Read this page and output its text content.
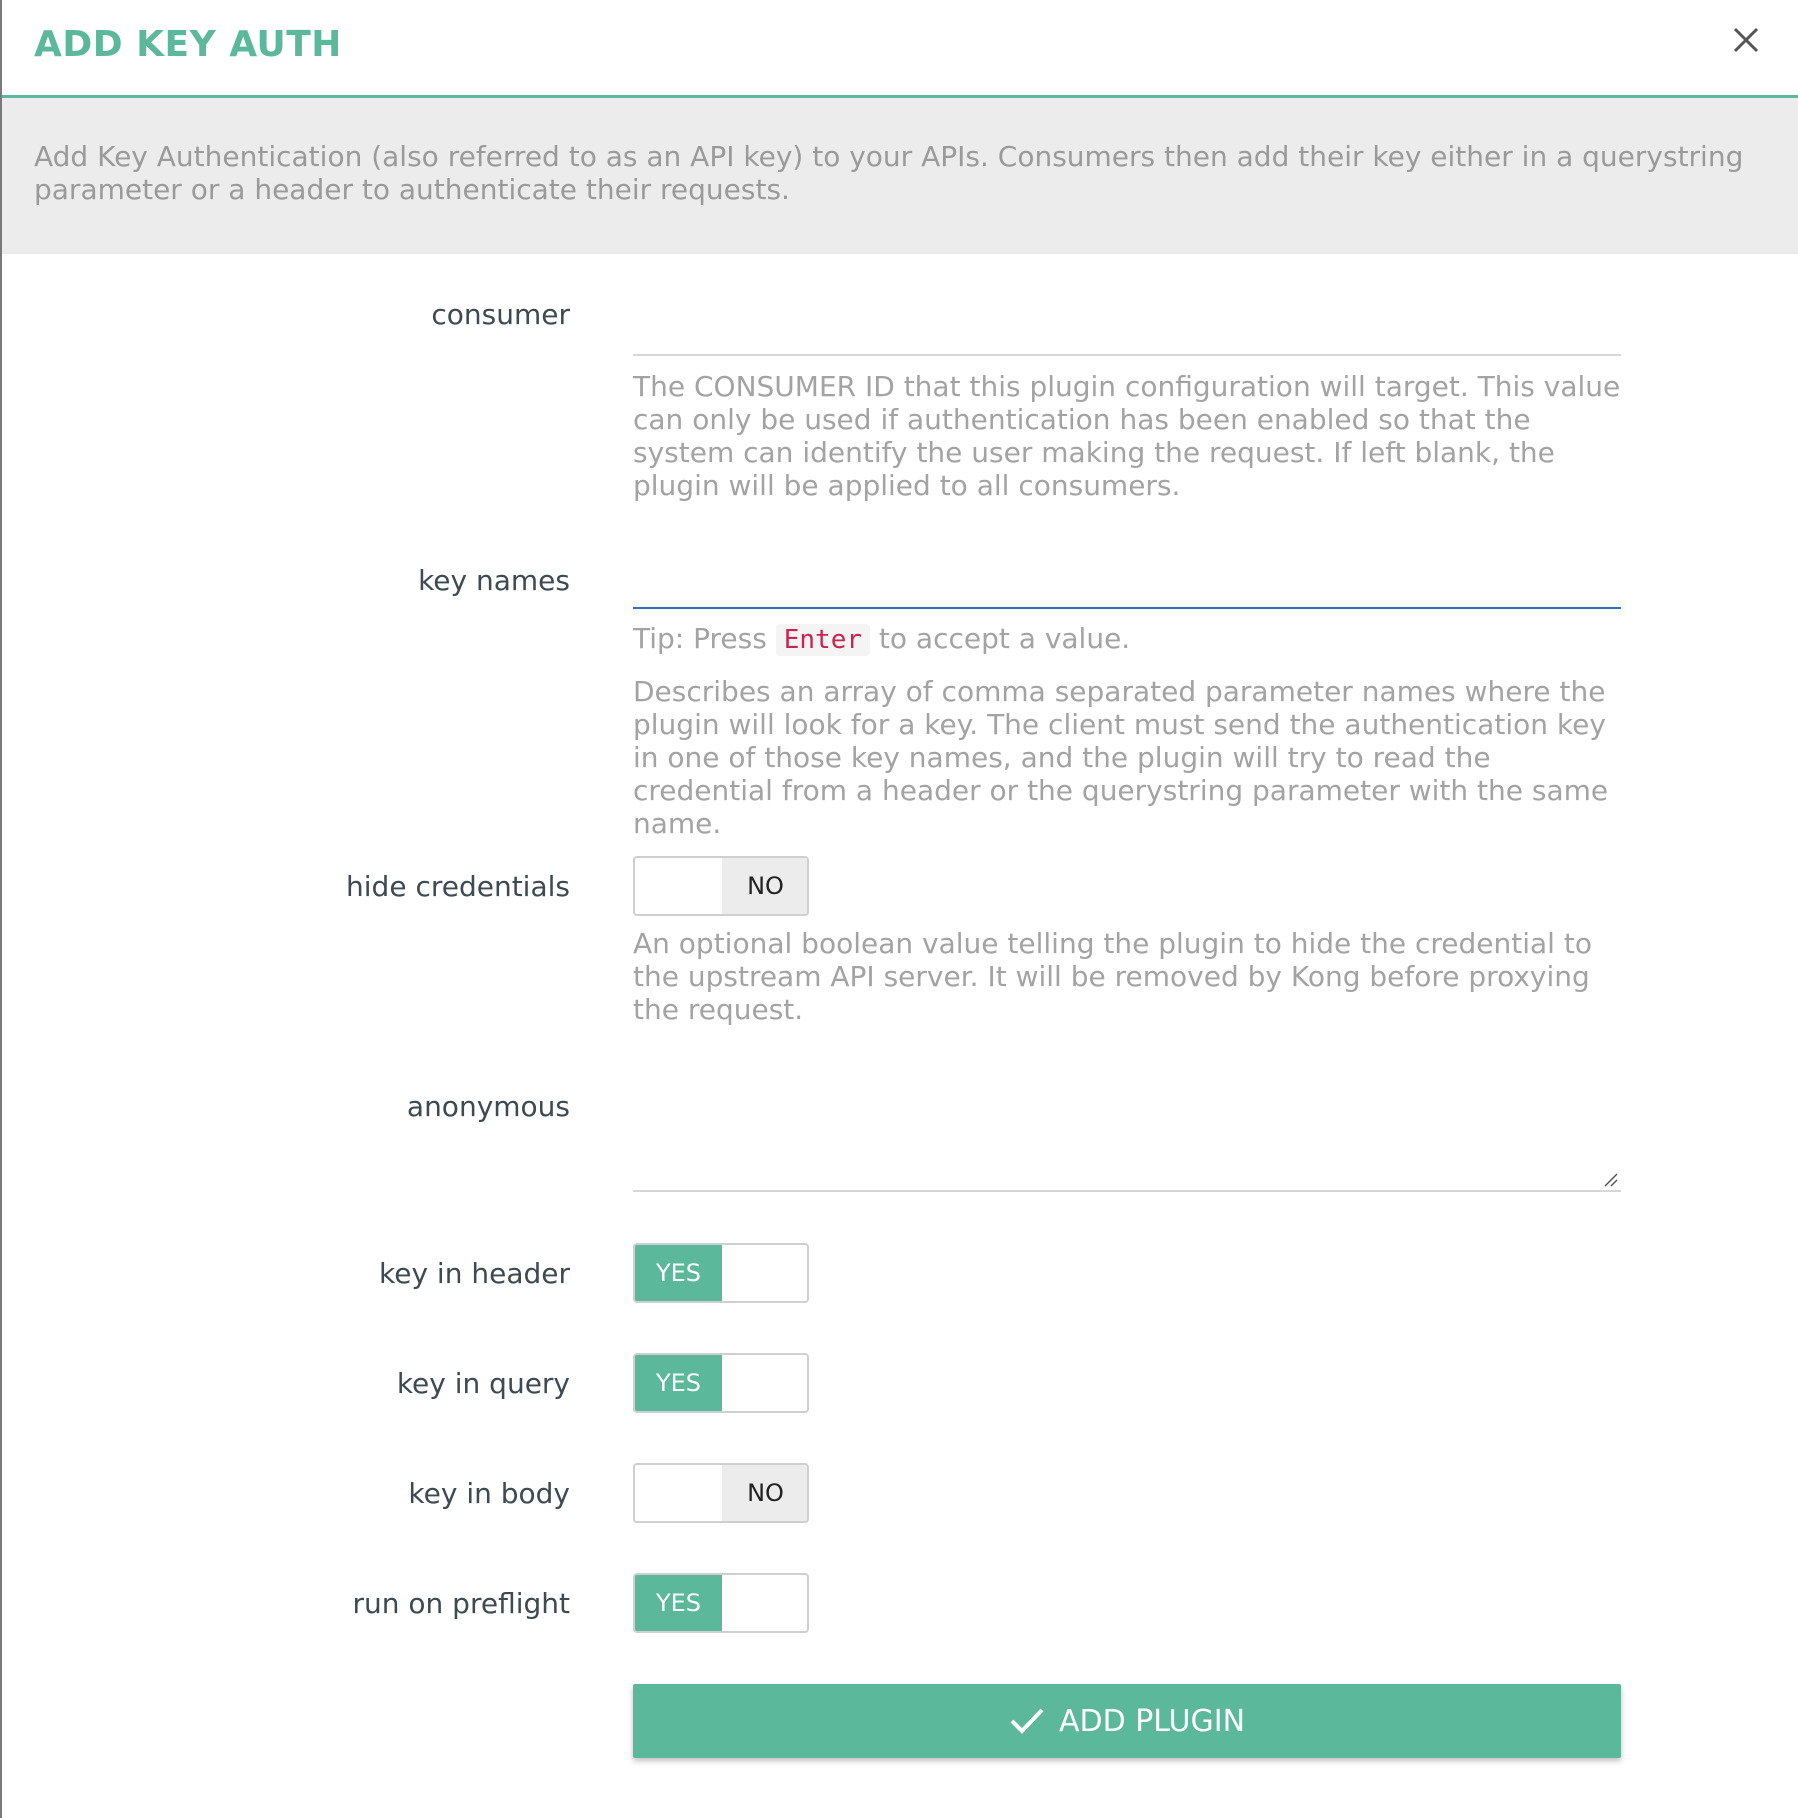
ADD KEY AUTH
Add Key Authentication (also referred to as an API key) to your APIs. Consumers then add their key either in a querystring parameter or a header to authenticate their requests.
consumer
The CONSUMER ID that this plugin configuration will target. This value can only be used if authentication has been enabled so that the system can identify the user making the request. If left blank, the plugin will be applied to all consumers.
key names
Tip: Press Enter to accept a value.
Describes an array of comma separated parameter names where the plugin will look for a key. The client must send the authentication key in one of those key names, and the plugin will try to read the credential from a header or the querystring parameter with the same name.
hide credentials	NO
An optional boolean value telling the plugin to hide the credential to the upstream API server. It will be removed by Kong before proxying the request.
anonymous
key in header	YES
key in query	YES
key in body	NO
run on preflight	YES
ADD PLUGIN
